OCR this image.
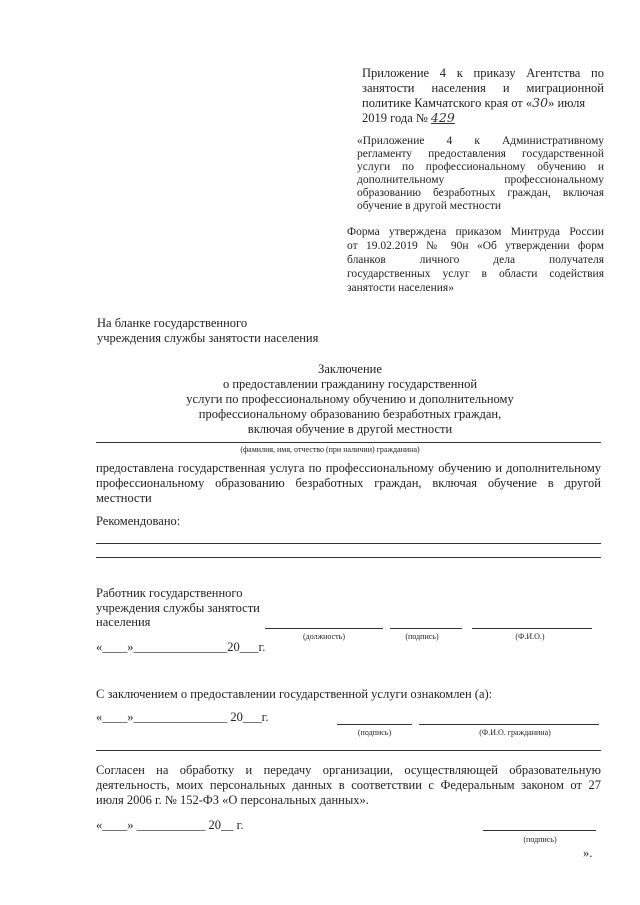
Приложение 4 к приказу Агентства по
занятости населения и миграционной
политике Камчатского края от «30» июля
2019 года № 429
«Приложение 4 к Административному
регламенту предоставления государственной
услуги по профессиональному обучению и
дополнительному профессиональному
образованию безработных граждан, включая
обучение в другой местности
Форма утверждена приказом Минтруда России
от 19.02.2019 № 90н «Об утверждении форм
бланков личного дела получателя
государственных услуг в области содействия
занятости населения»
На бланке государственного
учреждения службы занятости населения
Заключение
о предоставлении гражданину государственной
услуги по профессиональному обучению и дополнительному
профессиональному образованию безработных граждан,
включая обучение в другой местности
(фамилия, имя, отчество (при наличии) гражданина)
предоставлена государственная услуга по профессиональному обучению и дополнительному
профессиональному образованию безработных граждан, включая обучение в другой
местности
Рекомендовано:
Работник государственного
учреждения службы занятости
населения
(должность)	(подпись)	(Ф.И.О.)
«____»_______________20___г.
С заключением о предоставлении государственной услуги ознакомлен (а):
«____»_______________ 20___г.
(подпись)	(Ф.И.О. гражданина)
Согласен на обработку и передачу организации, осуществляющей образовательную
деятельность, моих персональных данных в соответствии с Федеральным законом от 27
июля 2006 г. № 152-ФЗ «О персональных данных».
«____» ___________ 20__ г.
(подпись)
».
